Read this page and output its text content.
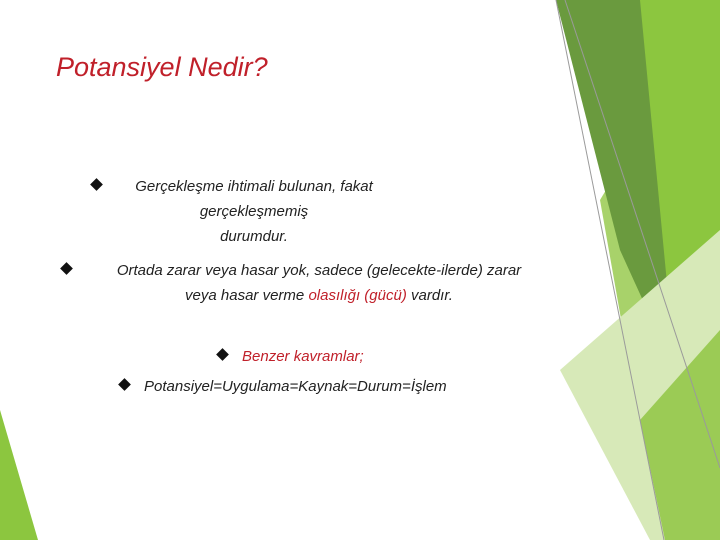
Potansiyel Nedir?
Gerçekleşme ihtimali bulunan, fakat gerçekleşmemiş
durumdur.
Ortada zarar veya hasar yok, sadece (gelecekte-ilerde) zarar
veya hasar verme olasılığı (gücü) vardır.
Benzer kavramlar;
Potansiyel=Uygulama=Kaynak=Durum=İşlem
